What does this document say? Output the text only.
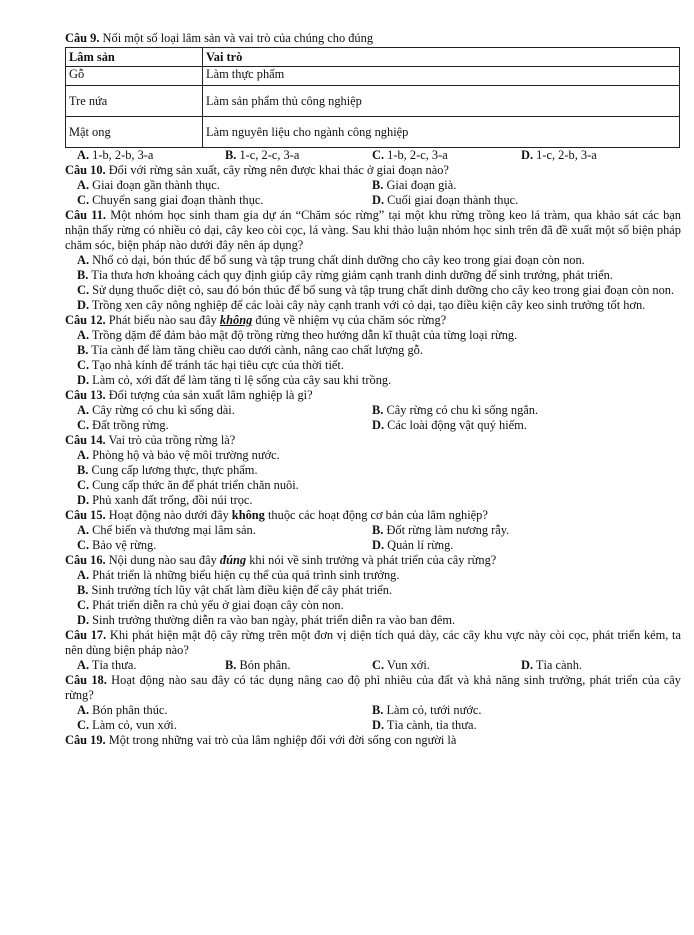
Câu 9. Nối một số loại lâm sản và vai trò của chúng cho đúng

Lâm sản	Vai trò
Gỗ	Làm thực phẩm
Tre nứa	Làm sản phẩm thủ công nghiệp
Mật ong	Làm nguyên liệu cho ngành công nghiệp
A. 1-b, 2-b, 3-a	B. 1-c, 2-c, 3-a	C. 1-b, 2-c, 3-a	D. 1-c, 2-b, 3-a

Câu 10. Đối với rừng sản xuất, cây rừng nên được khai thác ở giai đoạn nào?

A. Giai đoạn gần thành thục.	B. Giai đoạn già.
C. Chuyển sang giai đoạn thành thục.	D. Cuối giai đoạn thành thục.

Câu 11. Một nhóm học sinh tham gia dự án “Chăm sóc rừng” tại một khu rừng trồng keo lá tràm, qua khảo sát các bạn nhận thấy rừng có nhiều cỏ dại, cây keo còi cọc, lá vàng. Sau khi thảo luận nhóm học sinh trên đã đề xuất một số biện pháp chăm sóc, biện pháp nào dưới đây nên áp dụng?

A. Nhổ cỏ dại, bón thúc để bổ sung và tập trung chất dinh dưỡng cho cây keo trong giai đoạn còn non.

B. Tỉa thưa hơn khoảng cách quy định giúp cây rừng giảm cạnh tranh dinh dưỡng để sinh trưởng, phát triển.

C. Sử dụng thuốc diệt cỏ, sau đó bón thúc để bổ sung và tập trung chất dinh dưỡng cho cây keo trong giai đoạn còn non.

D. Trồng xen cây nông nghiệp để các loài cây này cạnh tranh với cỏ dại, tạo điều kiện cây keo sinh trưởng tốt hơn.

Câu 12. Phát biểu nào sau đây không đúng về nhiệm vụ của chăm sóc rừng?

A. Trồng dặm để đảm bảo mật độ trồng rừng theo hướng dẫn kĩ thuật của từng loại rừng.

B. Tỉa cành để làm tăng chiều cao dưới cành, nâng cao chất lượng gỗ.

C. Tạo nhà kính để tránh tác hại tiêu cực của thời tiết.

D. Làm cỏ, xới đất để làm tăng tỉ lệ sống của cây sau khi trồng.

Câu 13. Đối tượng của sản xuất lâm nghiệp là gì?

A. Cây rừng có chu kì sống dài.	B. Cây rừng có chu kì sống ngắn.
C. Đất trồng rừng.	D. Các loài động vật quý hiếm.

Câu 14. Vai trò của trồng rừng là?

A. Phòng hộ và bảo vệ môi trường nước.

B. Cung cấp lương thực, thực phẩm.

C. Cung cấp thức ăn để phát triển chăn nuôi.

D. Phủ xanh đất trống, đồi núi trọc.

Câu 15. Hoạt động nào dưới đây không thuộc các hoạt động cơ bản của lâm nghiệp?

A. Chế biến và thương mại lâm sản.	B. Đốt rừng làm nương rẫy.
C. Bảo vệ rừng.	D. Quản lí rừng.

Câu 16. Nội dung nào sau đây đúng khi nói về sinh trưởng và phát triển của cây rừng?

A. Phát triển là những biểu hiện cụ thể của quá trình sinh trưởng.

B. Sinh trưởng tích lũy vật chất làm điều kiện để cây phát triển.

C. Phát triển diễn ra chủ yếu ở giai đoạn cây còn non.

D. Sinh trưởng thường diễn ra vào ban ngày, phát triển diễn ra vào ban đêm.

Câu 17. Khi phát hiện mật độ cây rừng trên một đơn vị diện tích quá dày, các cây khu vực này còi cọc, phát triển kém, ta nên dùng biện pháp nào?

A. Tỉa thưa.	B. Bón phân.	C. Vun xới.	D. Tỉa cành.

Câu 18. Hoạt động nào sau đây có tác dụng nâng cao độ phì nhiêu của đất và khả năng sinh trưởng, phát triển của cây rừng?

A. Bón phân thúc.	B. Làm cỏ, tưới nước.
C. Làm cỏ, vun xới.	D. Tỉa cành, tỉa thưa.

Câu 19. Một trong những vai trò của lâm nghiệp đối với đời sống con người là
